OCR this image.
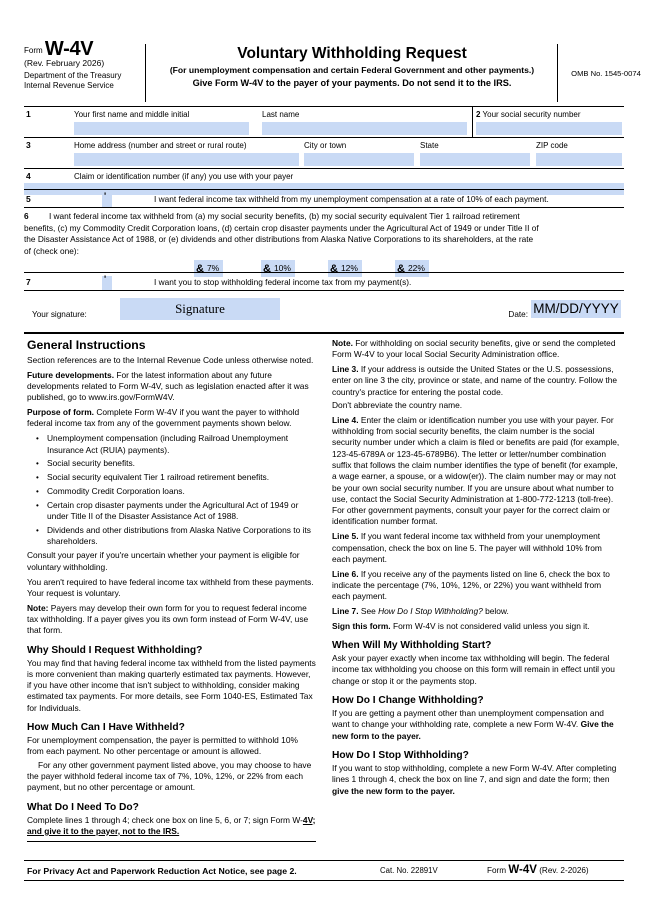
Form W-4V
(Rev. February 2026)
Department of the Treasury
Internal Revenue Service
Voluntary Withholding Request
(For unemployment compensation and certain Federal Government and other payments.)
Give Form W-4V to the payer of your payments. Do not send it to the IRS.
OMB No. 1545-0074
1	Your first name and middle initial	Last name	2 Your social security number
3	Home address (number and street or rural route)	City or town	State	ZIP code
4	Claim or identification number (if any) you use with your payer
5 '	I want federal income tax withheld from my unemployment compensation at a rate of 10% of each payment.
6 I want federal income tax withheld from (a) my social security benefits, (b) my social security equivalent Tier 1 railroad retirement
benefits, (c) my Commodity Credit Corporation loans, (d) certain crop disaster payments under the Agricultural Act of 1949 or under Title II of
the Disaster Assistance Act of 1988, or (e) dividends and other distributions from Alaska Native Corporations to its shareholders, at the rate
of (check one):
& 7%	& 10%	& 12%	& 22%
7 '	I want you to stop withholding federal income tax from my payment(s).
Your signature:	Signature	Date: MM/DD/YYYY
General Instructions

Section references are to the Internal Revenue Code unless otherwise noted.

Future developments. For the latest information about any future developments related to Form W-4V, such as legislation enacted after it was published, go to www.irs.gov/FormW4V.

Purpose of form. Complete Form W-4V if you want the payer to withhold federal income tax from any of the government payments shown below.

• Unemployment compensation (including Railroad Unemployment Insurance Act (RUIA) payments).
• Social security benefits.
• Social security equivalent Tier 1 railroad retirement benefits.
• Commodity Credit Corporation loans.
• Certain crop disaster payments under the Agricultural Act of 1949 or under Title II of the Disaster Assistance Act of 1988.
• Dividends and other distributions from Alaska Native Corporations to its shareholders.

Consult your payer if you're uncertain whether your payment is eligible for voluntary withholding.

You aren't required to have federal income tax withheld from these payments. Your request is voluntary.

Note: Payers may develop their own form for you to request federal income tax withholding. If a payer gives you its own form instead of Form W-4V, use that form.

Why Should I Request Withholding?

You may find that having federal income tax withheld from the listed payments is more convenient than making quarterly estimated tax payments. However, if you have other income that isn't subject to withholding, consider making estimated tax payments. For more details, see Form 1040-ES, Estimated Tax for Individuals.

How Much Can I Have Withheld?

For unemployment compensation, the payer is permitted to withhold 10% from each payment. No other percentage or amount is allowed.

For any other government payment listed above, you may choose to have the payer withhold federal income tax of 7%, 10%, 12%, or 22% from each payment, but no other percentage or amount.

What Do I Need To Do?

Complete lines 1 through 4; check one box on line 5, 6, or 7; sign Form W-4V; and give it to the payer, not to the IRS.

Note. For withholding on social security benefits, give or send the completed Form W-4V to your local Social Security Administration office.

Line 3. If your address is outside the United States or the U.S. possessions, enter on line 3 the city, province or state, and name of the country. Follow the country's practice for entering the postal code.

Don't abbreviate the country name.

Line 4. Enter the claim or identification number you use with your payer. For withholding from social security benefits, the claim number is the social security number under which a claim is filed or benefits are paid (for example, 123-45-6789A or 123-45-6789B6). The letter or letter/number combination suffix that follows the claim number identifies the type of benefit (for example, a wage earner, a spouse, or a widow(er)). The claim number may or may not be your own social security number. If you are unsure about what number to use, contact the Social Security Administration at 1-800-772-1213 (toll-free). For other government payments, consult your payer for the correct claim or identification number format.

Line 5. If you want federal income tax withheld from your unemployment compensation, check the box on line 5. The payer will withhold 10% from each payment.

Line 6. If you receive any of the payments listed on line 6, check the box to indicate the percentage (7%, 10%, 12%, or 22%) you want withheld from each payment.

Line 7. See How Do I Stop Withholding? below.

Sign this form. Form W-4V is not considered valid unless you sign it.

When Will My Withholding Start?

Ask your payer exactly when income tax withholding will begin. The federal income tax withholding you choose on this form will remain in effect until you change or stop it or the payments stop.

How Do I Change Withholding?

If you are getting a payment other than unemployment compensation and want to change your withholding rate, complete a new Form W-4V. Give the new form to the payer.

How Do I Stop Withholding?

If you want to stop withholding, complete a new Form W-4V. After completing lines 1 through 4, check the box on line 7, and sign and date the form; then give the new form to the payer.

For Privacy Act and Paperwork Reduction Act Notice, see page 2.	Cat. No. 22891V	Form W-4V (Rev. 2-2026)
